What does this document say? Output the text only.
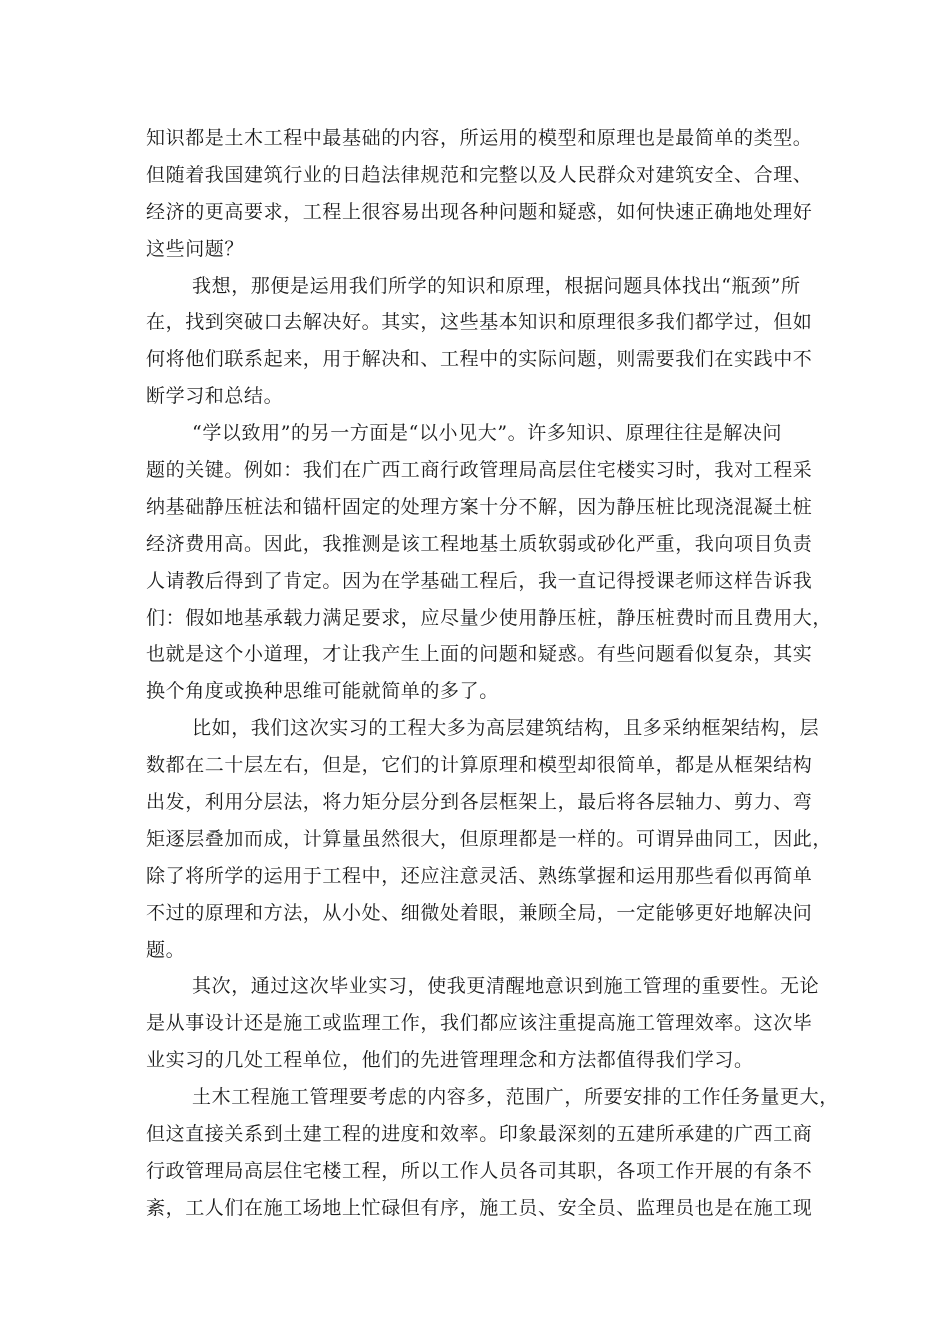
知识都是土木工程中最基础的内容，所运用的模型和原理也是最简单的类型。
但随着我国建筑行业的日趋法律规范和完整以及人民群众对建筑安全、合理、
经济的更高要求，工程上很容易出现各种问题和疑惑，如何快速正确地处理好
这些问题？
我想，那便是运用我们所学的知识和原理，根据问题具体找出“瓶颈”所
在，找到突破口去解决好。其实，这些基本知识和原理很多我们都学过，但如
何将他们联系起来，用于解决和、工程中的实际问题，则需要我们在实践中不
断学习和总结。
“学以致用”的另一方面是“以小见大”。许多知识、原理往往是解决问
题的关键。例如：我们在广西工商行政管理局高层住宅楼实习时，我对工程采
纳基础静压桩法和锚杆固定的处理方案十分不解，因为静压桩比现浇混凝土桩
经济费用高。因此，我推测是该工程地基土质软弱或砂化严重，我向项目负责
人请教后得到了肯定。因为在学基础工程后，我一直记得授课老师这样告诉我
们：假如地基承载力满足要求，应尽量少使用静压桩，静压桩费时而且费用大，
也就是这个小道理，才让我产生上面的问题和疑惑。有些问题看似复杂，其实
换个角度或换种思维可能就简单的多了。
比如，我们这次实习的工程大多为高层建筑结构，且多采纳框架结构，层
数都在二十层左右，但是，它们的计算原理和模型却很简单，都是从框架结构
出发，利用分层法，将力矩分层分到各层框架上，最后将各层轴力、剪力、弯
矩逐层叠加而成，计算量虽然很大，但原理都是一样的。可谓异曲同工，因此，
除了将所学的运用于工程中，还应注意灵活、熟练掌握和运用那些看似再简单
不过的原理和方法，从小处、细微处着眼，兼顾全局，一定能够更好地解决问
题。
其次，通过这次毕业实习，使我更清醒地意识到施工管理的重要性。无论
是从事设计还是施工或监理工作，我们都应该注重提高施工管理效率。这次毕
业实习的几处工程单位，他们的先进管理理念和方法都值得我们学习。
土木工程施工管理要考虑的内容多，范围广，所要安排的工作任务量更大，
但这直接关系到土建工程的进度和效率。印象最深刻的五建所承建的广西工商
行政管理局高层住宅楼工程，所以工作人员各司其职，各项工作开展的有条不
紊，工人们在施工场地上忙碌但有序，施工员、安全员、监理员也是在施工现
